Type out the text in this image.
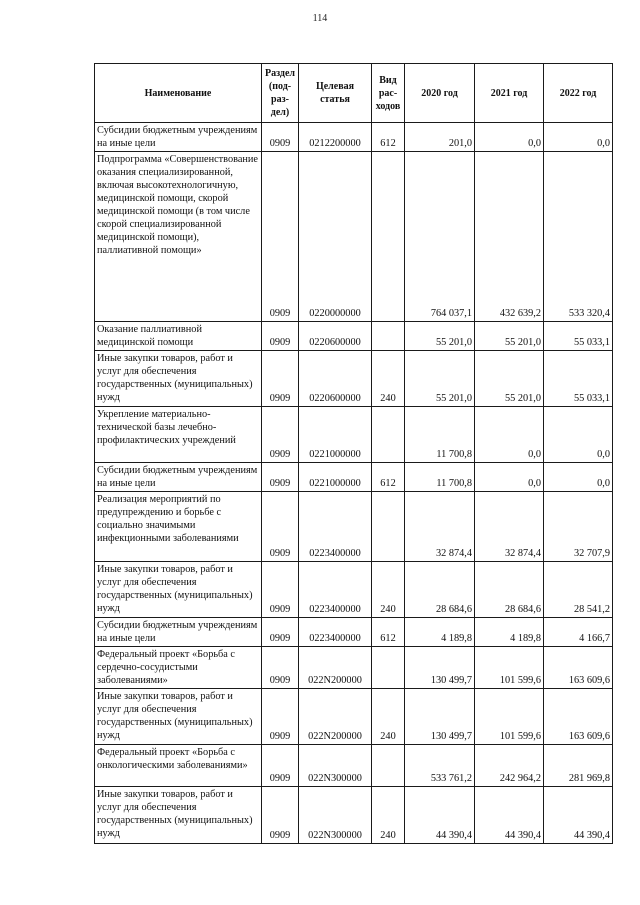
114
Наименование	Раздел (под-раз-дел)	Целевая статья	Вид рас-ходов	2020 год	2021 год	2022 год
Субсидии бюджетным учреждениям на иные цели	0909	0212200000	612	201,0	0,0	0,0
Подпрограмма «Совершенствование оказания специализированной, включая высокотехнологичную, медицинской помощи, скорой медицинской помощи (в том числе скорой специализированной медицинской помощи), паллиативной помощи»	0909	0220000000		764 037,1	432 639,2	533 320,4
Оказание паллиативной медицинской помощи	0909	0220600000		55 201,0	55 201,0	55 033,1
Иные закупки товаров, работ и услуг для обеспечения государственных (муниципальных) нужд	0909	0220600000	240	55 201,0	55 201,0	55 033,1
Укрепление материально-технической базы лечебно-профилактических учреждений	0909	0221000000		11 700,8	0,0	0,0
Субсидии бюджетным учреждениям на иные цели	0909	0221000000	612	11 700,8	0,0	0,0
Реализация мероприятий по предупреждению и борьбе с социально значимыми инфекционными заболеваниями	0909	0223400000		32 874,4	32 874,4	32 707,9
Иные закупки товаров, работ и услуг для обеспечения государственных (муниципальных) нужд	0909	0223400000	240	28 684,6	28 684,6	28 541,2
Субсидии бюджетным учреждениям на иные цели	0909	0223400000	612	4 189,8	4 189,8	4 166,7
Федеральный проект «Борьба с сердечно-сосудистыми заболеваниями»	0909	022N200000		130 499,7	101 599,6	163 609,6
Иные закупки товаров, работ и услуг для обеспечения государственных (муниципальных) нужд	0909	022N200000	240	130 499,7	101 599,6	163 609,6
Федеральный проект «Борьба с онкологическими заболеваниями»	0909	022N300000		533 761,2	242 964,2	281 969,8
Иные закупки товаров, работ и услуг для обеспечения государственных (муниципальных) нужд	0909	022N300000	240	44 390,4	44 390,4	44 390,4
